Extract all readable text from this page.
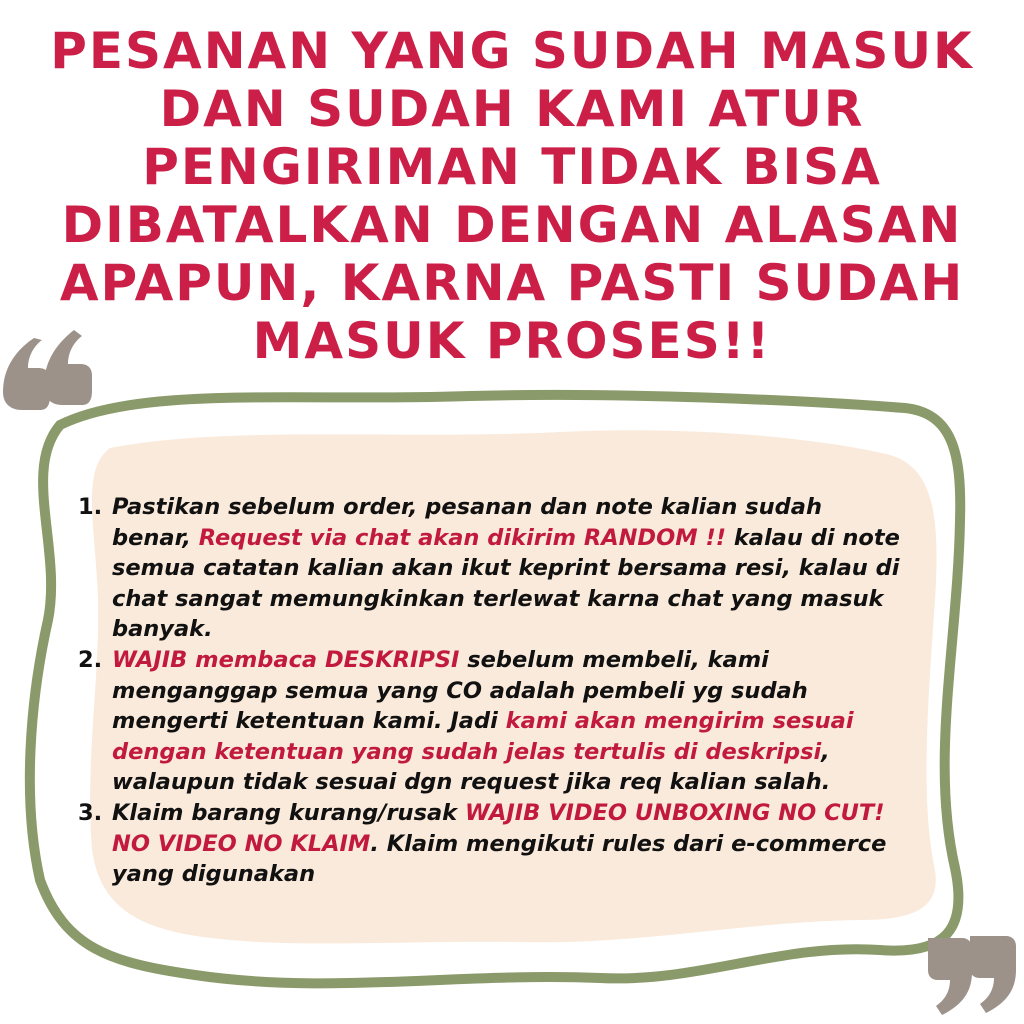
PESANAN YANG SUDAH MASUK DAN SUDAH KAMI ATUR PENGIRIMAN TIDAK BISA DIBATALKAN DENGAN ALASAN APAPUN, KARNA PASTI SUDAH MASUK PROSES!!
1. Pastikan sebelum order, pesanan dan note kalian sudah benar, Request via chat akan dikirim RANDOM !! kalau di note semua catatan kalian akan ikut keprint bersama resi, kalau di chat sangat memungkinkan terlewat karna chat yang masuk banyak.
2. WAJIB membaca DESKRIPSI sebelum membeli, kami menganggap semua yang CO adalah pembeli yg sudah mengerti ketentuan kami. Jadi kami akan mengirim sesuai dengan ketentuan yang sudah jelas tertulis di deskripsi, walaupun tidak sesuai dgn request jika req kalian salah.
3. Klaim barang kurang/rusak WAJIB VIDEO UNBOXING NO CUT! NO VIDEO NO KLAIM. Klaim mengikuti rules dari e-commerce yang digunakan
